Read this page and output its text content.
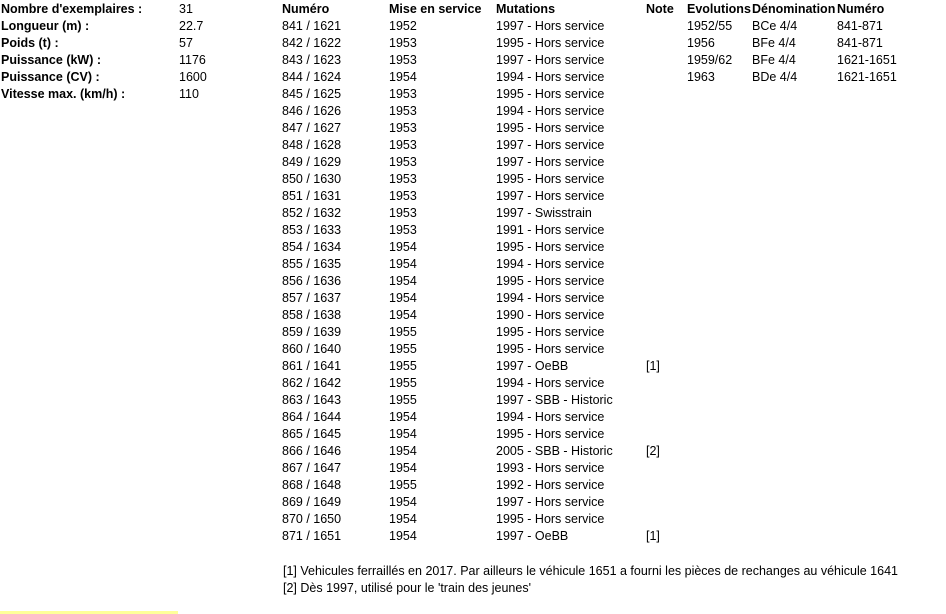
Nombre d'exemplaires :	31
Longueur (m) :	22.7
Poids (t) :	57
Puissance (kW) :	1176
Puissance (CV) :	1600
Vitesse max. (km/h) :	110
Numéro	Mise en service	Mutations	Note
841 / 1621	1952	1997 - Hors service	
842 / 1622	1953	1995 - Hors service	
843 / 1623	1953	1997 - Hors service	
844 / 1624	1954	1994 - Hors service	
845 / 1625	1953	1995 - Hors service	
846 / 1626	1953	1994 - Hors service	
847 / 1627	1953	1995 - Hors service	
848 / 1628	1953	1997 - Hors service	
849 / 1629	1953	1997 - Hors service	
850 / 1630	1953	1995 - Hors service	
851 / 1631	1953	1997 - Hors service	
852 / 1632	1953	1997 - Swisstrain	
853 / 1633	1953	1991 - Hors service	
854 / 1634	1954	1995 - Hors service	
855 / 1635	1954	1994 - Hors service	
856 / 1636	1954	1995 - Hors service	
857 / 1637	1954	1994 - Hors service	
858 / 1638	1954	1990 - Hors service	
859 / 1639	1955	1995 - Hors service	
860 / 1640	1955	1995 - Hors service	
861 / 1641	1955	1997 - OeBB	[1]
862 / 1642	1955	1994 - Hors service	
863 / 1643	1955	1997 - SBB - Historic	
864 / 1644	1954	1994 - Hors service	
865 / 1645	1954	1995 - Hors service	
866 / 1646	1954	2005 - SBB - Historic	[2]
867 / 1647	1954	1993 - Hors service	
868 / 1648	1955	1992 - Hors service	
869 / 1649	1954	1997 - Hors service	
870 / 1650	1954	1995 - Hors service	
871 / 1651	1954	1997 - OeBB	[1]
Evolutions	Dénomination	Numéro
1952/55	BCe 4/4	841-871
1956	BFe 4/4	841-871
1959/62	BFe 4/4	1621-1651
1963	BDe 4/4	1621-1651
[1] Vehicules ferraillés en 2017. Par ailleurs le véhicule 1651 a fourni les pièces de rechanges au véhicule 1641
[2] Dès 1997, utilisé pour le 'train des jeunes'
